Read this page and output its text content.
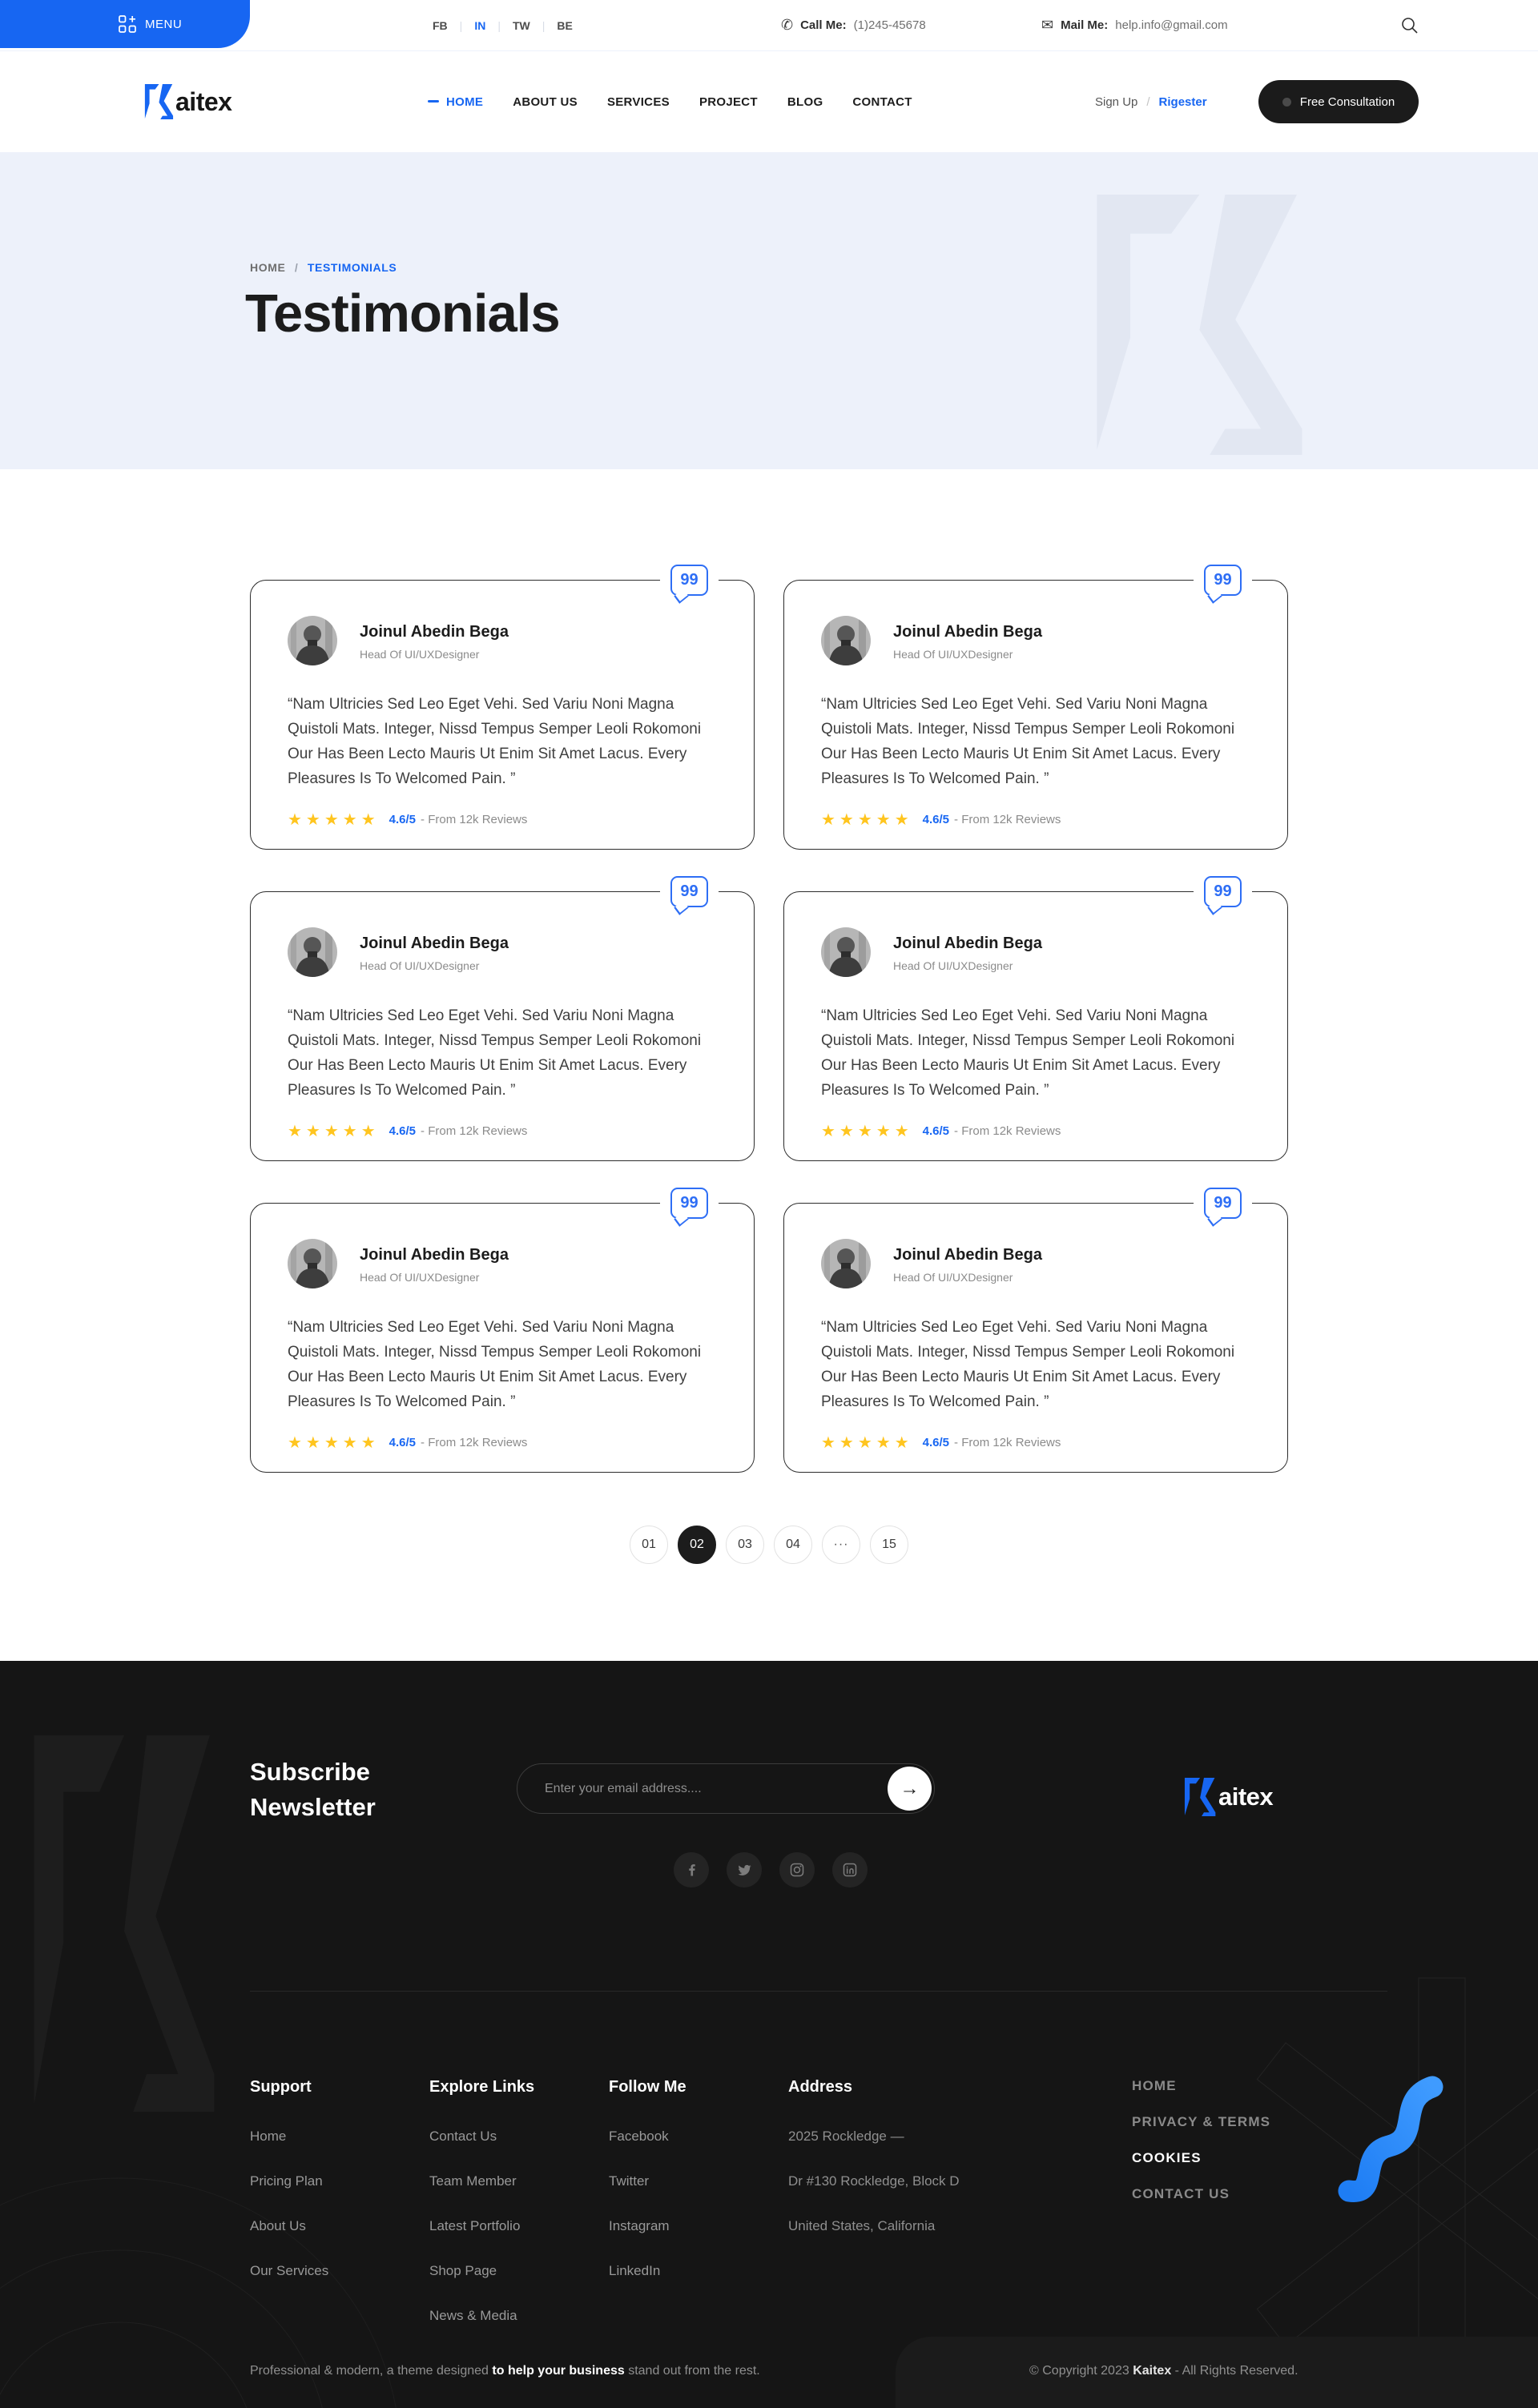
MENU	FB | IN | TW | BE	✆ Call Me: (1)245-45678	✉ Mail Me: help.info@gmail.com
aitex	HOME ABOUT US SERVICES PROJECT BLOG CONTACT	Sign Up / Rigester	Free Consultation
HOME / TESTIMONIALS
Testimonials
99
Joinul Abedin Bega
Head Of UI/UXDesigner

“Nam Ultricies Sed Leo Eget Vehi. Sed Variu Noni Magna Quistoli Mats. Integer, Nissd Tempus Semper Leoli Rokomoni Our Has Been Lecto Mauris Ut Enim Sit Amet Lacus. Every Pleasures Is To Welcomed Pain. ”

★★★★★ 4.6/5 - From 12k Reviews
99
Joinul Abedin Bega
Head Of UI/UXDesigner

“Nam Ultricies Sed Leo Eget Vehi. Sed Variu Noni Magna Quistoli Mats. Integer, Nissd Tempus Semper Leoli Rokomoni Our Has Been Lecto Mauris Ut Enim Sit Amet Lacus. Every Pleasures Is To Welcomed Pain. ”

★★★★★ 4.6/5 - From 12k Reviews
99
Joinul Abedin Bega
Head Of UI/UXDesigner

“Nam Ultricies Sed Leo Eget Vehi. Sed Variu Noni Magna Quistoli Mats. Integer, Nissd Tempus Semper Leoli Rokomoni Our Has Been Lecto Mauris Ut Enim Sit Amet Lacus. Every Pleasures Is To Welcomed Pain. ”

★★★★★ 4.6/5 - From 12k Reviews
99
Joinul Abedin Bega
Head Of UI/UXDesigner

“Nam Ultricies Sed Leo Eget Vehi. Sed Variu Noni Magna Quistoli Mats. Integer, Nissd Tempus Semper Leoli Rokomoni Our Has Been Lecto Mauris Ut Enim Sit Amet Lacus. Every Pleasures Is To Welcomed Pain. ”

★★★★★ 4.6/5 - From 12k Reviews
99
Joinul Abedin Bega
Head Of UI/UXDesigner

“Nam Ultricies Sed Leo Eget Vehi. Sed Variu Noni Magna Quistoli Mats. Integer, Nissd Tempus Semper Leoli Rokomoni Our Has Been Lecto Mauris Ut Enim Sit Amet Lacus. Every Pleasures Is To Welcomed Pain. ”

★★★★★ 4.6/5 - From 12k Reviews
99
Joinul Abedin Bega
Head Of UI/UXDesigner

“Nam Ultricies Sed Leo Eget Vehi. Sed Variu Noni Magna Quistoli Mats. Integer, Nissd Tempus Semper Leoli Rokomoni Our Has Been Lecto Mauris Ut Enim Sit Amet Lacus. Every Pleasures Is To Welcomed Pain. ”

★★★★★ 4.6/5 - From 12k Reviews
01	02	03	04	···	15
Subscribe
Newsletter
Enter your email address....
→	aitex
Support
Home
Pricing Plan
About Us
Our Services
Explore Links
Contact Us
Team Member
Latest Portfolio
Shop Page
News & Media
Follow Me
Facebook
Twitter
Instagram
LinkedIn
Address
2025 Rockledge —
Dr #130 Rockledge, Block D
United States, California
HOME
PRIVACY & TERMS
COOKIES
CONTACT US
Professional & modern, a theme designed to help your business stand out from the rest.	© Copyright 2023 Kaitex - All Rights Reserved.
